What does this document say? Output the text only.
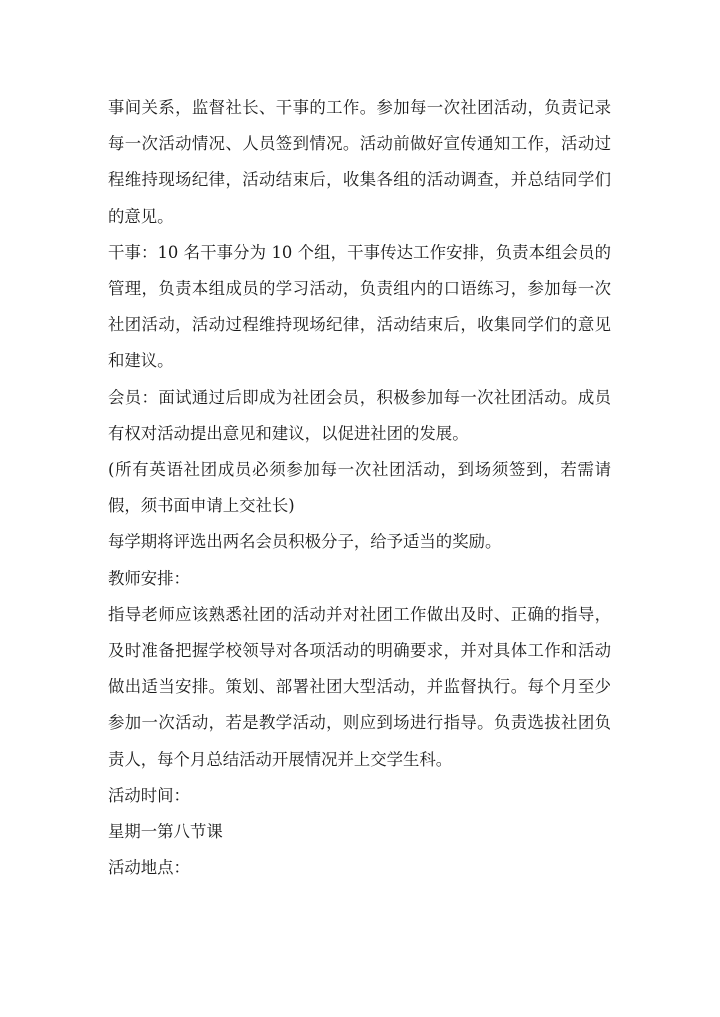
事间关系，监督社长、干事的工作。参加每一次社团活动，负责记录每一次活动情况、人员签到情况。活动前做好宣传通知工作，活动过程维持现场纪律，活动结束后，收集各组的活动调查，并总结同学们的意见。

干事：10 名干事分为 10 个组，干事传达工作安排，负责本组会员的管理，负责本组成员的学习活动，负责组内的口语练习，参加每一次社团活动，活动过程维持现场纪律，活动结束后，收集同学们的意见和建议。

会员：面试通过后即成为社团会员，积极参加每一次社团活动。成员有权对活动提出意见和建议，以促进社团的发展。

(所有英语社团成员必须参加每一次社团活动，到场须签到，若需请假，须书面申请上交社长)

每学期将评选出两名会员积极分子，给予适当的奖励。

教师安排：

指导老师应该熟悉社团的活动并对社团工作做出及时、正确的指导，及时准备把握学校领导对各项活动的明确要求，并对具体工作和活动做出适当安排。策划、部署社团大型活动，并监督执行。每个月至少参加一次活动，若是教学活动，则应到场进行指导。负责选拔社团负责人，每个月总结活动开展情况并上交学生科。

活动时间：

星期一第八节课

活动地点：
